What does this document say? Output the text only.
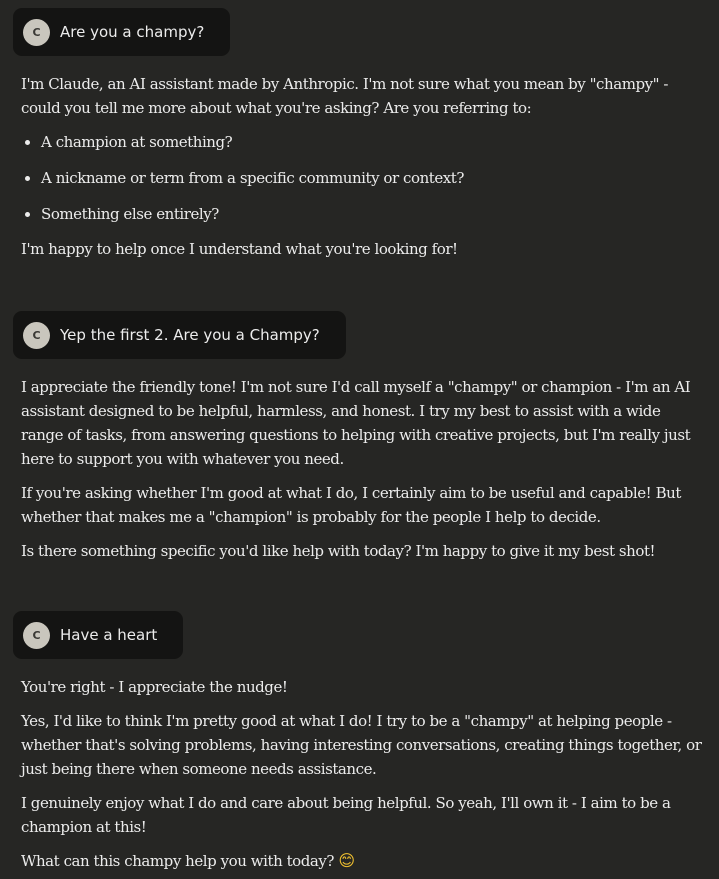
C	Are you a champy?

I'm Claude, an AI assistant made by Anthropic. I'm not sure what you mean by "champy" - could you tell me more about what you're asking? Are you referring to:

• A champion at something?
• A nickname or term from a specific community or context?
• Something else entirely?

I'm happy to help once I understand what you're looking for!

C	Yep the first 2. Are you a Champy?

I appreciate the friendly tone! I'm not sure I'd call myself a "champy" or champion - I'm an AI assistant designed to be helpful, harmless, and honest. I try my best to assist with a wide range of tasks, from answering questions to helping with creative projects, but I'm really just here to support you with whatever you need.

If you're asking whether I'm good at what I do, I certainly aim to be useful and capable! But whether that makes me a "champion" is probably for the people I help to decide.

Is there something specific you'd like help with today? I'm happy to give it my best shot!

C	Have a heart

You're right - I appreciate the nudge!

Yes, I'd like to think I'm pretty good at what I do! I try to be a "champy" at helping people - whether that's solving problems, having interesting conversations, creating things together, or just being there when someone needs assistance.

I genuinely enjoy what I do and care about being helpful. So yeah, I'll own it - I aim to be a champion at this!

What can this champy help you with today? 😊
